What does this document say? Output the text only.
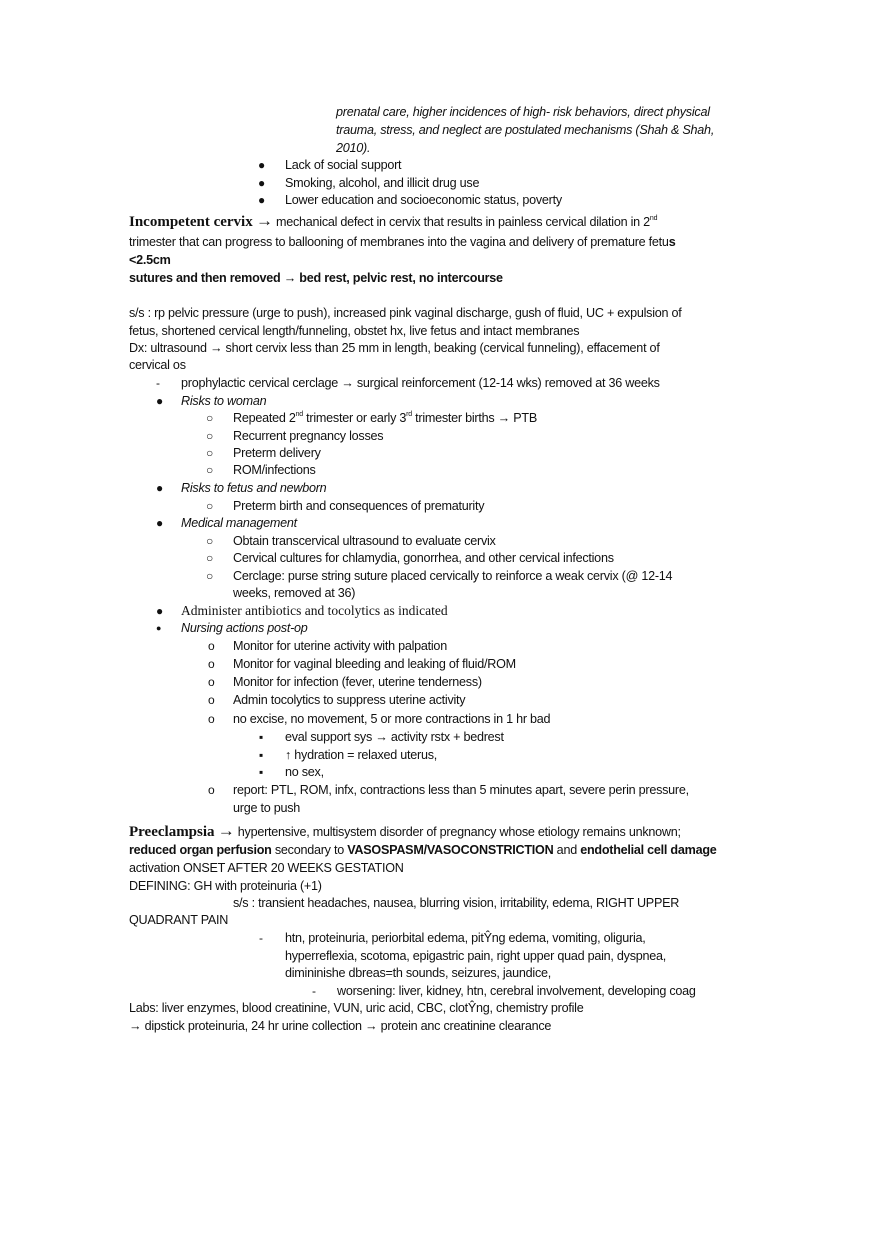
prenatal care, higher incidences of high- risk behaviors, direct physical
trauma, stress, and neglect are postulated mechanisms (Shah & Shah,
2010).
● Lack of social support
● Smoking, alcohol, and illicit drug use
● Lower education and socioeconomic status, poverty
Incompetent cervix → mechanical defect in cervix that results in painless cervical dilation in 2nd
trimester that can progress to ballooning of membranes into the vagina and delivery of premature fetus
<2.5cm
sutures and then removed → bed rest, pelvic rest, no intercourse
s/s : rp pelvic pressure (urge to push), increased pink vaginal discharge, gush of fluid, UC + expulsion of
fetus, shortened cervical length/funneling, obstet hx, live fetus and intact membranes
Dx: ultrasound → short cervix less than 25 mm in length, beaking (cervical funneling), effacement of
cervical os
- prophylactic cervical cerclage → surgical reinforcement (12-14 wks) removed at 36 weeks
● Risks to woman
○ Repeated 2nd trimester or early 3rd trimester births → PTB
○ Recurrent pregnancy losses
○ Preterm delivery
○ ROM/infections
● Risks to fetus and newborn
○ Preterm birth and consequences of prematurity
● Medical management
○ Obtain transcervical ultrasound to evaluate cervix
○ Cervical cultures for chlamydia, gonorrhea, and other cervical infections
○ Cerclage: purse string suture placed cervically to reinforce a weak cervix (@ 12-14
weeks, removed at 36)
● Administer antibiotics and tocolytics as indicated
● Nursing actions post-op
o Monitor for uterine activity with palpation
o Monitor for vaginal bleeding and leaking of fluid/ROM
o Monitor for infection (fever, uterine tenderness)
o Admin tocolytics to suppress uterine activity
o no excise, no movement, 5 or more contractions in 1 hr bad
▪ eval support sys → activity rstx + bedrest
▪ ↑ hydration = relaxed uterus,
▪ no sex,
o report: PTL, ROM, infx, contractions less than 5 minutes apart, severe perin pressure,
urge to push
Preeclampsia → hypertensive, multisystem disorder of pregnancy whose etiology remains unknown;
reduced organ perfusion secondary to VASOSPASM/VASOCONSTRICTION and endothelial cell damage
activation ONSET AFTER 20 WEEKS GESTATION
DEFINING: GH with proteinuria (+1)
s/s : transient headaches, nausea, blurring vision, irritability, edema, RIGHT UPPER
QUADRANT PAIN
- htn, proteinuria, periorbital edema, pitŶng edema, vomiting, oliguria,
hyperreflexia, scotoma, epigastric pain, right upper quad pain, dyspnea,
dimininishe dbreas=th sounds, seizures, jaundice,
- worsening: liver, kidney, htn, cerebral involvement, developing coag
Labs: liver enzymes, blood creatinine, VUN, uric acid, CBC, clotŶng, chemistry profile
→ dipstick proteinuria, 24 hr urine collection → protein anc creatinine clearance
